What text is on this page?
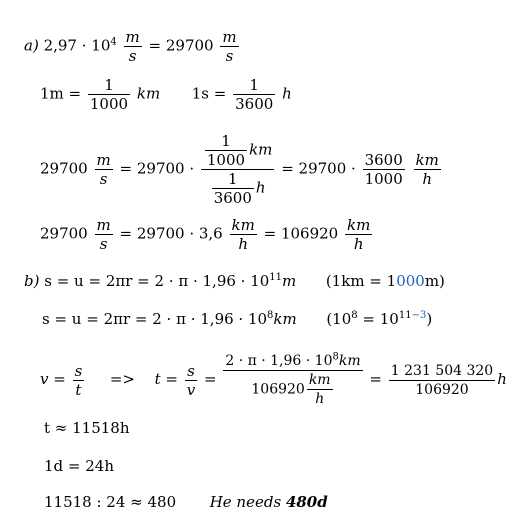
a) $2,97 \cdot 10^4 \frac{m}{s} = 29700 \frac{m}{s}$
$1m = \frac{1}{1000}$ km $1s = \frac{1}{3600}$ h
$29700 \frac{m}{s} = 29700 \cdot \frac{\frac{1}{1000} km}{\frac{1}{3600} h} = 29700 \cdot \frac{3600}{1000}$
$\frac{km}{h}$
$29700 \frac{m}{s} = 29700 \cdot 3,6 \frac{km}{h} = 106920 \frac{km}{h}$
b) $s = u = 2\pi r = 2 \cdot \pi \cdot 1,96 \cdot 10^{11}m$ (1km = 1000m)
$s = u = 2\pi r = 2 \cdot \pi \cdot 1,96 \cdot 10^8km$ $(10^8 = 10^{11-3})$
$v = \frac{s}{t} => t = \frac{s}{v} = \frac{2 \cdot \pi \cdot 1,96 \cdot 10^8km}{106920 \frac{km}{h}} = \frac{1 231 504 320}{106920}$ h
t ≈ 11518h
1d = 24h
11518 : 24 ≈ 480 He needs 480d
